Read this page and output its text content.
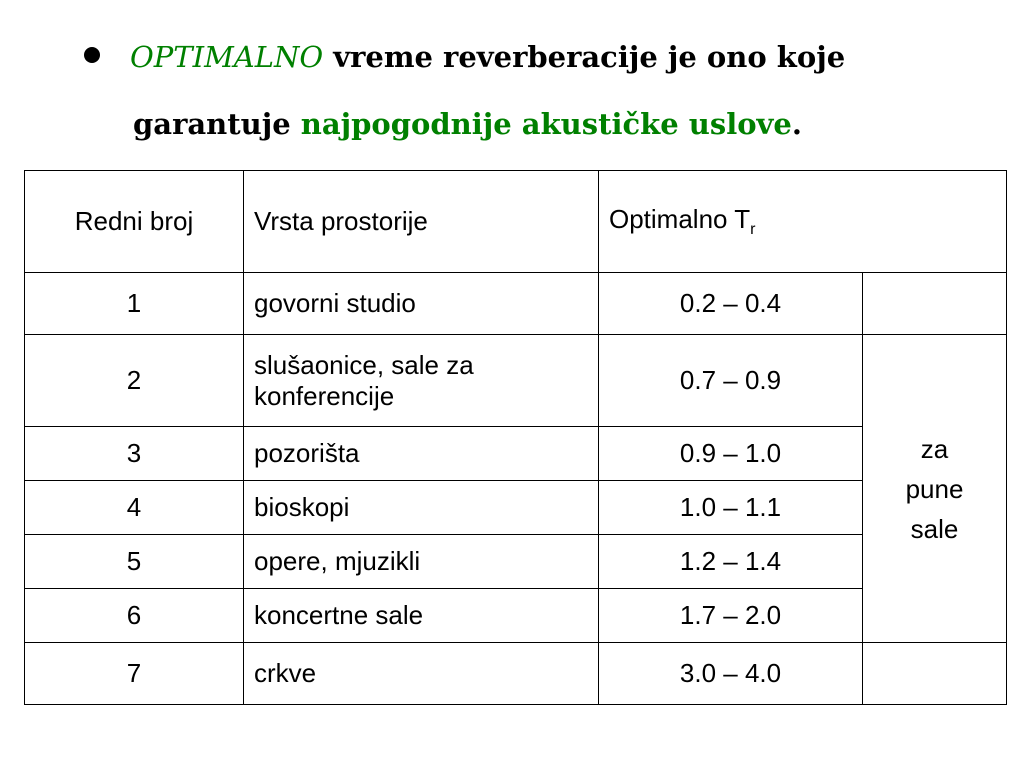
OPTIMALNO vreme reverberacije je ono koje
garantuje najpogodnije akustičke uslove.
Redni broj	Vrsta prostorije	Optimalno $T_r$
1	govorni studio	0.2 – 0.4	
2	slušaonice, sale za konferencije	0.7 – 0.9	za
pune
sale
3	pozorišta	0.9 – 1.0	
4	bioskopi	1.0 – 1.1	
5	opere, mjuzikli	1.2 – 1.4	
6	koncertne sale	1.7 – 2.0	
7	crkve	3.0 – 4.0	
